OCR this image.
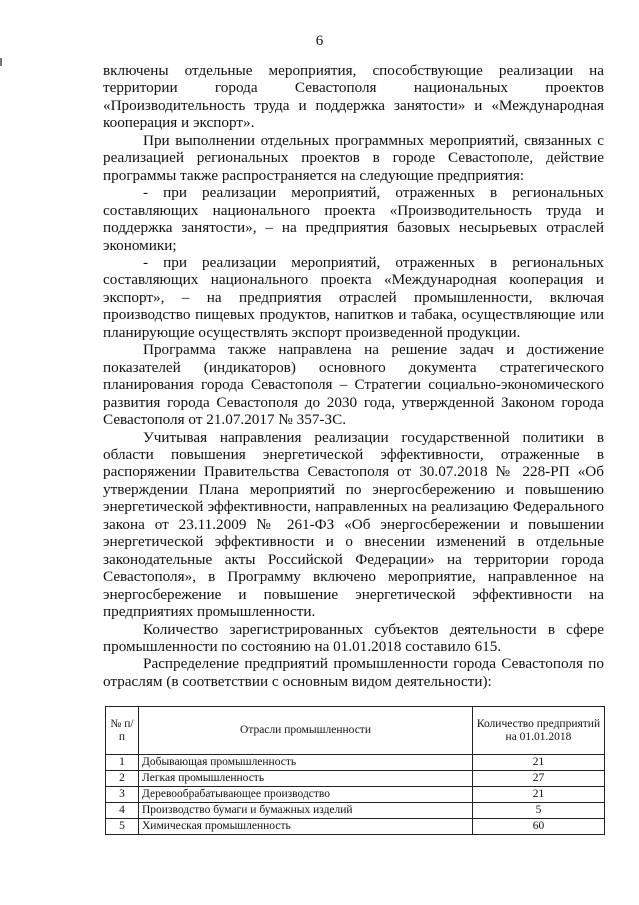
6

включены отдельные мероприятия, способствующие реализации на территории города Севастополя национальных проектов «Производительность труда и поддержка занятости» и «Международная кооперация и экспорт».

При выполнении отдельных программных мероприятий, связанных с реализацией региональных проектов в городе Севастополе, действие программы также распространяется на следующие предприятия:

- при реализации мероприятий, отраженных в региональных составляющих национального проекта «Производительность труда и поддержка занятости», – на предприятия базовых несырьевых отраслей экономики;

- при реализации мероприятий, отраженных в региональных составляющих национального проекта «Международная кооперация и экспорт», – на предприятия отраслей промышленности, включая производство пищевых продуктов, напитков и табака, осуществляющие или планирующие осуществлять экспорт произведенной продукции.

Программа также направлена на решение задач и достижение показателей (индикаторов) основного документа стратегического планирования города Севастополя – Стратегии социально-экономического развития города Севастополя до 2030 года, утвержденной Законом города Севастополя от 21.07.2017 № 357-ЗС.

Учитывая направления реализации государственной политики в области повышения энергетической эффективности, отраженные в распоряжении Правительства Севастополя от 30.07.2018 № 228-РП «Об утверждении Плана мероприятий по энергосбережению и повышению энергетической эффективности, направленных на реализацию Федерального закона от 23.11.2009 № 261-ФЗ «Об энергосбережении и повышении энергетической эффективности и о внесении изменений в отдельные законодательные акты Российской Федерации» на территории города Севастополя», в Программу включено мероприятие, направленное на энергосбережение и повышение энергетической эффективности на предприятиях промышленности.

Количество зарегистрированных субъектов деятельности в сфере промышленности по состоянию на 01.01.2018 составило 615.

Распределение предприятий промышленности города Севастополя по отраслям (в соответствии с основным видом деятельности):

№ п/п	Отрасли промышленности	Количество предприятий на 01.01.2018
1	Добывающая промышленность	21
2	Легкая промышленность	27
3	Деревообрабатывающее производство	21
4	Производство бумаги и бумажных изделий	5
5	Химическая промышленность	60
